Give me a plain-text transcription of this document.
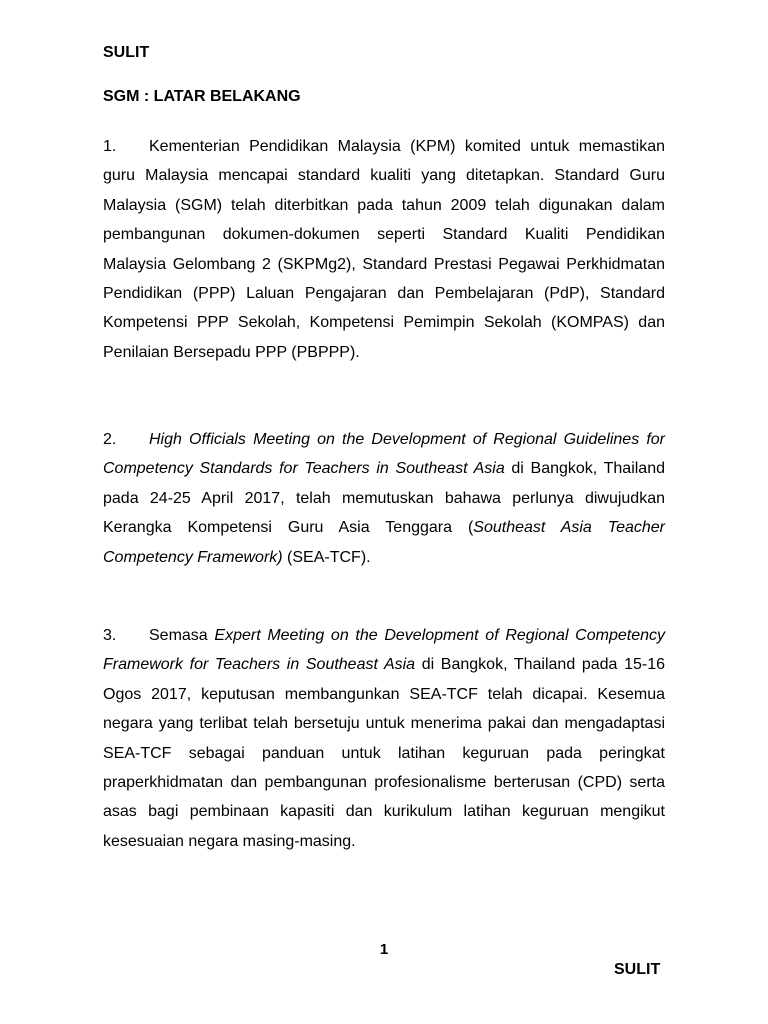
SULIT
SGM : LATAR BELAKANG

1. Kementerian Pendidikan Malaysia (KPM) komited untuk memastikan guru Malaysia mencapai standard kualiti yang ditetapkan. Standard Guru Malaysia (SGM) telah diterbitkan pada tahun 2009 telah digunakan dalam pembangunan dokumen-dokumen seperti Standard Kualiti Pendidikan Malaysia Gelombang 2 (SKPMg2), Standard Prestasi Pegawai Perkhidmatan Pendidikan (PPP) Laluan Pengajaran dan Pembelajaran (PdP), Standard Kompetensi PPP Sekolah, Kompetensi Pemimpin Sekolah (KOMPAS) dan Penilaian Bersepadu PPP (PBPPP).

2. High Officials Meeting on the Development of Regional Guidelines for Competency Standards for Teachers in Southeast Asia di Bangkok, Thailand pada 24-25 April 2017, telah memutuskan bahawa perlunya diwujudkan Kerangka Kompetensi Guru Asia Tenggara (Southeast Asia Teacher Competency Framework) (SEA-TCF).

3. Semasa Expert Meeting on the Development of Regional Competency Framework for Teachers in Southeast Asia di Bangkok, Thailand pada 15-16 Ogos 2017, keputusan membangunkan SEA-TCF telah dicapai. Kesemua negara yang terlibat telah bersetuju untuk menerima pakai dan mengadaptasi SEA-TCF sebagai panduan untuk latihan keguruan pada peringkat praperkhidmatan dan pembangunan profesionalisme berterusan (CPD) serta asas bagi pembinaan kapasiti dan kurikulum latihan keguruan mengikut kesesuaian negara masing-masing.

1
SULIT
